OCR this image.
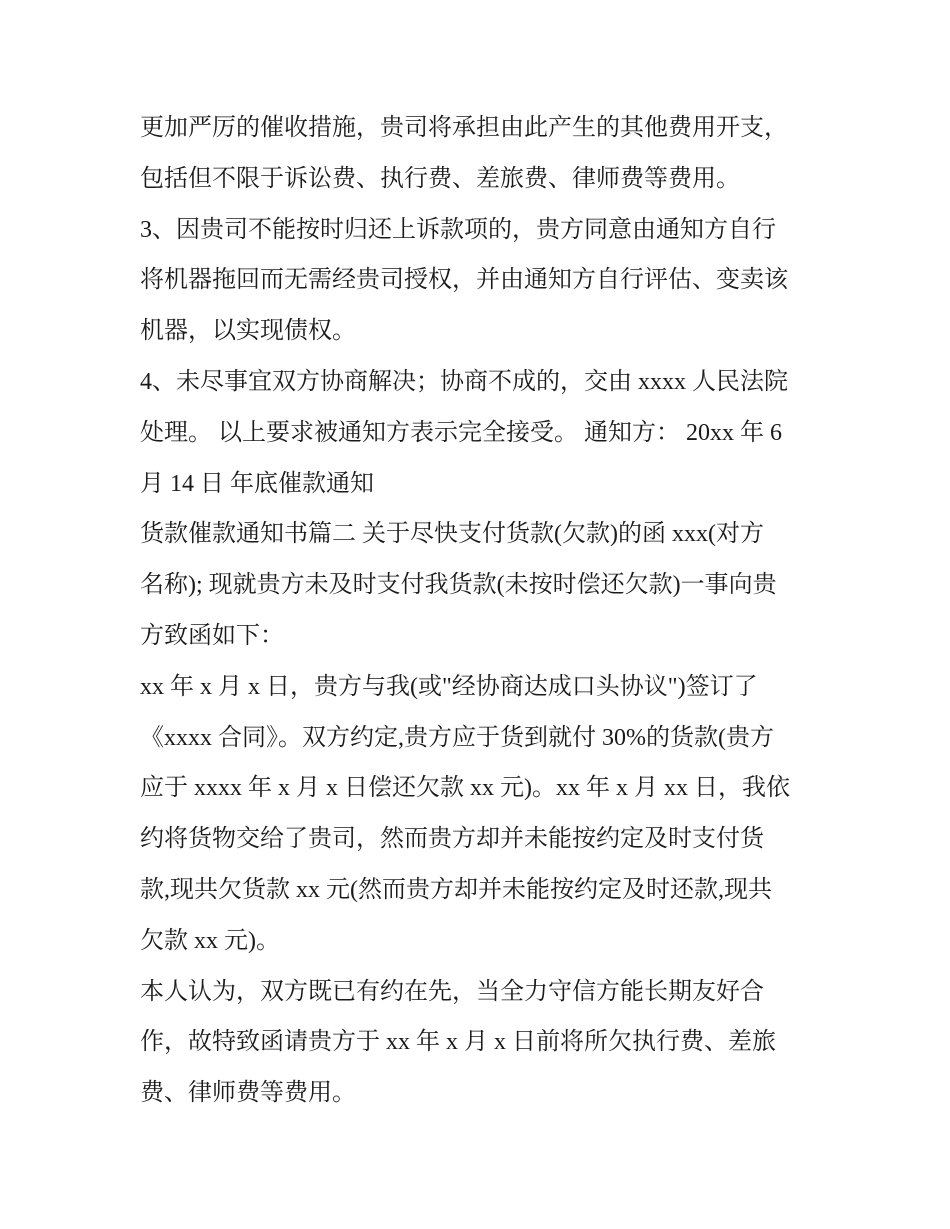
更加严厉的催收措施，贵司将承担由此产生的其他费用开支，
包括但不限于诉讼费、执行费、差旅费、律师费等费用。

3、因贵司不能按时归还上诉款项的，贵方同意由通知方自行
将机器拖回而无需经贵司授权，并由通知方自行评估、变卖该
机器，以实现债权。

4、未尽事宜双方协商解决；协商不成的，交由 xxxx 人民法院
处理。 以上要求被通知方表示完全接受。 通知方： 20xx 年 6
月 14 日 年底催款通知

货款催款通知书篇二 关于尽快支付货款(欠款)的函 xxx(对方
名称); 现就贵方未及时支付我货款(未按时偿还欠款)一事向贵
方致函如下：

xx 年 x 月 x 日，贵方与我(或"经协商达成口头协议")签订了
《xxxx 合同》。双方约定,贵方应于货到就付 30%的货款(贵方
应于 xxxx 年 x 月 x 日偿还欠款 xx 元)。xx 年 x 月 xx 日，我依
约将货物交给了贵司，然而贵方却并未能按约定及时支付货
款,现共欠货款 xx 元(然而贵方却并未能按约定及时还款,现共
欠款 xx 元)。

本人认为，双方既已有约在先，当全力守信方能长期友好合
作，故特致函请贵方于 xx 年 x 月 x 日前将所欠执行费、差旅
费、律师费等费用。
